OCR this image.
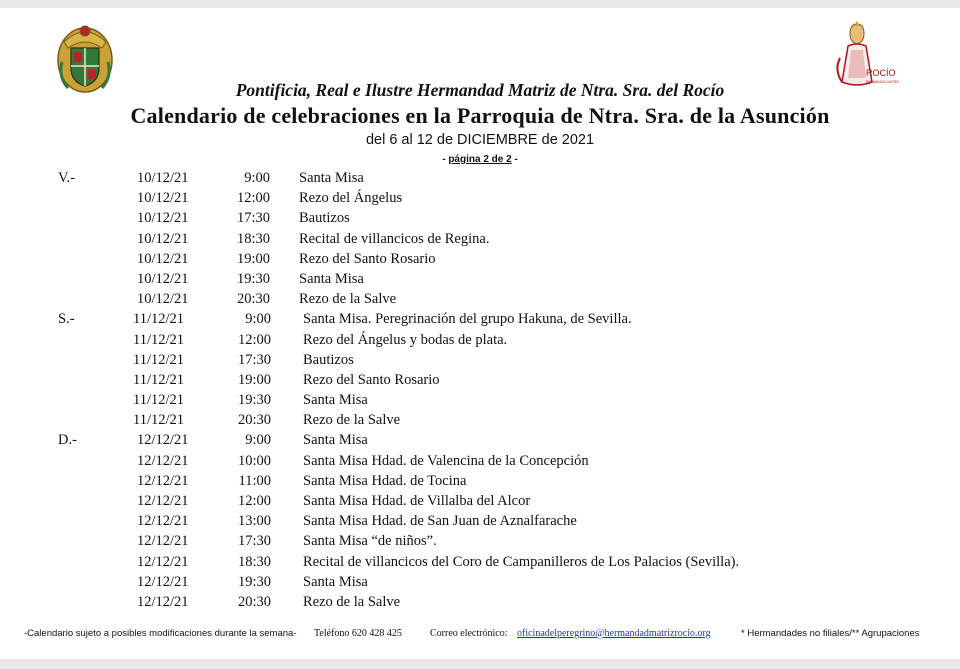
ROCÍO
HERMANDAD MATRIZ
Pontificia, Real e Ilustre Hermandad Matriz de Ntra. Sra. del Rocío
Calendario de celebraciones en la Parroquia de Ntra. Sra. de la Asunción
del 6 al 12 de DICIEMBRE de 2021
- página 2 de 2 -
V.-	10/12/21	9:00 Santa Misa
10/12/21	12:00 Rezo del Ángelus
10/12/21	17:30 Bautizos
10/12/21	18:30 Recital de villancicos de Regina.
10/12/21	19:00 Rezo del Santo Rosario
10/12/21	19:30 Santa Misa
10/12/21	20:30 Rezo de la Salve
S.-	11/12/21	9:00 Santa Misa. Peregrinación del grupo Hakuna, de Sevilla.
11/12/21	12:00 Rezo del Ángelus y bodas de plata.
11/12/21	17:30 Bautizos
11/12/21	19:00 Rezo del Santo Rosario
11/12/21	19:30 Santa Misa
11/12/21	20:30 Rezo de la Salve
D.-	12/12/21	9:00 Santa Misa
12/12/21	10:00 Santa Misa Hdad. de Valencina de la Concepción
12/12/21	11:00 Santa Misa Hdad. de Tocina
12/12/21	12:00 Santa Misa Hdad. de Villalba del Alcor
12/12/21	13:00 Santa Misa Hdad. de San Juan de Aznalfarache
12/12/21	17:30 Santa Misa “de niños”.
12/12/21	18:30 Recital de villancicos del Coro de Campanilleros de Los Palacios (Sevilla).
12/12/21	19:30 Santa Misa
12/12/21	20:30 Rezo de la Salve
-Calendario sujeto a posibles modificaciones durante la semana- Teléfono 620 428 425	Correo electrónico: oficinadelperegrino@hermandadmatrizrocio.org	* Hermandades no filiales/** Agrupaciones
